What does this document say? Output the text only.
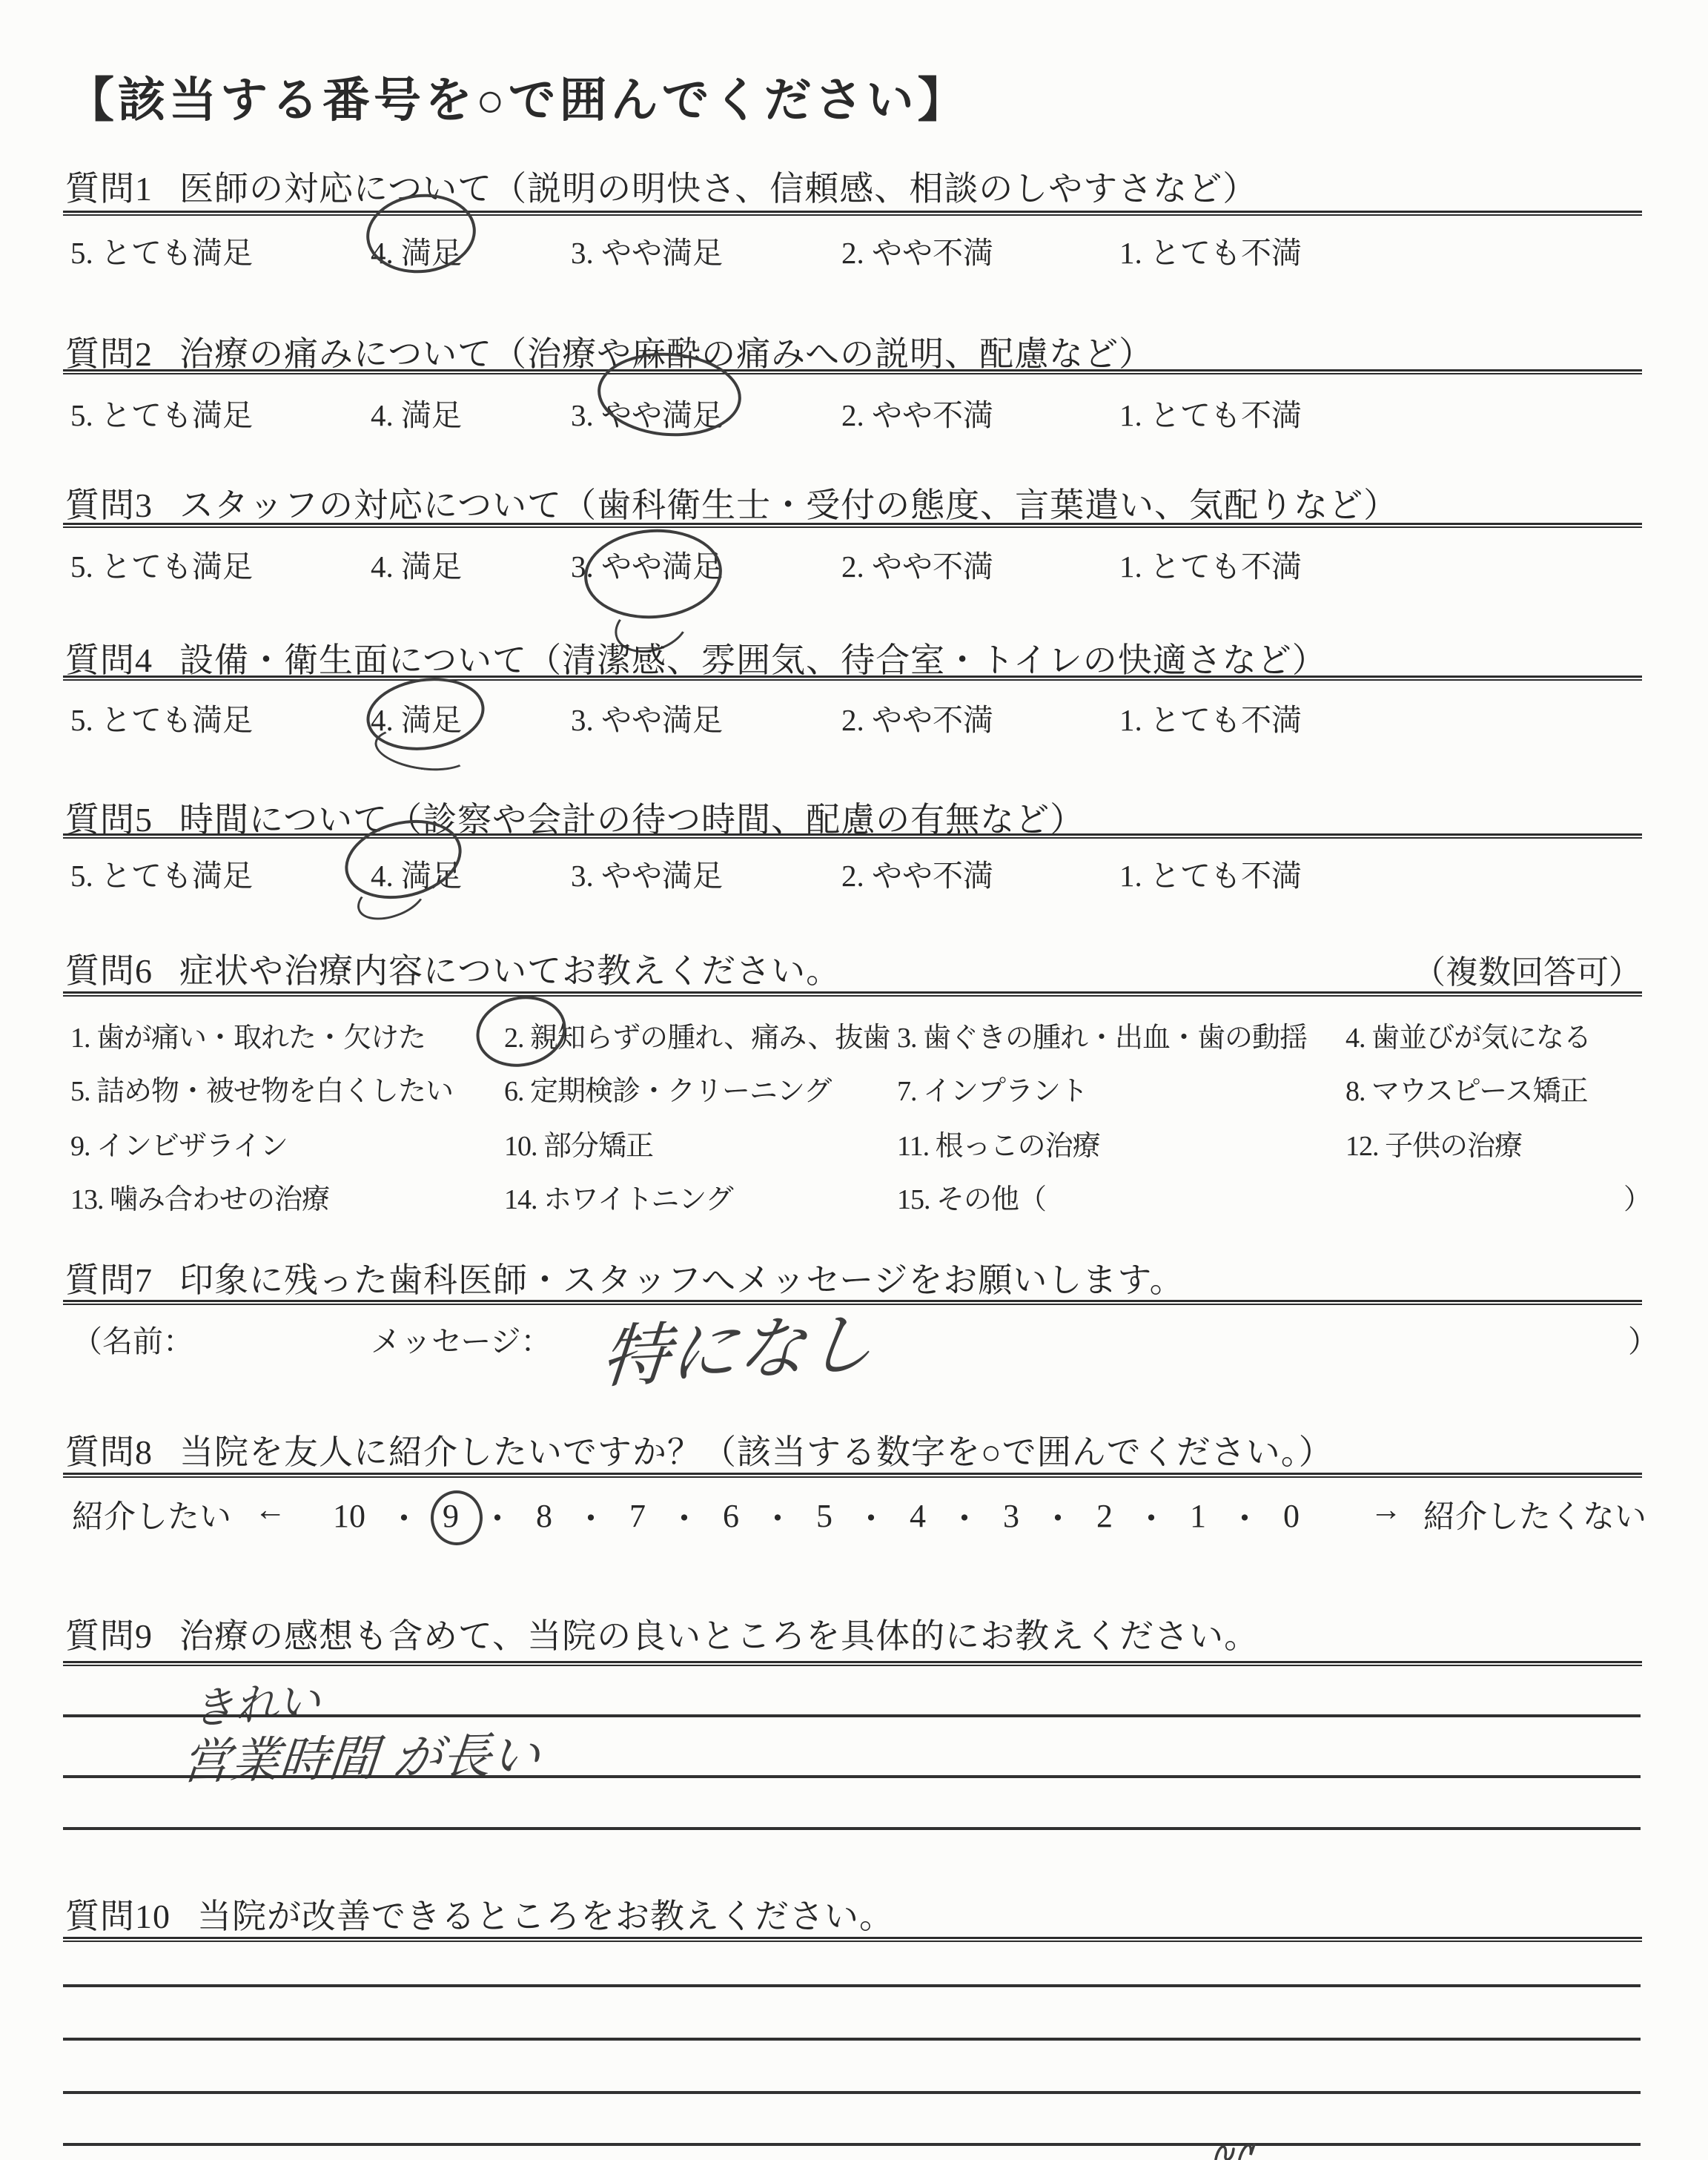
【該当する番号を○で囲んでください】
質問1 医師の対応について（説明の明快さ、信頼感、相談のしやすさなど）
5. とても満足	4. 満足	3. やや満足	2. やや不満	1. とても不満
質問2 治療の痛みについて（治療や麻酔の痛みへの説明、配慮など）
5. とても満足	4. 満足	3. やや満足	2. やや不満	1. とても不満
質問3 スタッフの対応について（歯科衛生士・受付の態度、言葉遣い、気配りなど）
5. とても満足	4. 満足	3. やや満足	2. やや不満	1. とても不満
質問4 設備・衛生面について（清潔感、雰囲気、待合室・トイレの快適さなど）
5. とても満足	4. 満足	3. やや満足	2. やや不満	1. とても不満
質問5 時間について（診察や会計の待つ時間、配慮の有無など）
5. とても満足	4. 満足	3. やや満足	2. やや不満	1. とても不満
質問6 症状や治療内容についてお教えください。	（複数回答可）
1. 歯が痛い・取れた・欠けた	2. 親知らずの腫れ、痛み、抜歯 3. 歯ぐきの腫れ・出血・歯の動揺 4. 歯並びが気になる
5. 詰め物・被せ物を白くしたい 6. 定期検診・クリーニング 7. インプラント	8. マウスピース矯正
9. インビザライン	10. 部分矯正	11. 根っこの治療	12. 子供の治療
13. 噛み合わせの治療	14. ホワイトニング	15. その他（	）
質問7 印象に残った歯科医師・スタッフへメッセージをお願いします。
（名前：	メッセージ： 特になし	）
質問8 当院を友人に紹介したいですか？（該当する数字を○で囲んでください。）
紹介したい ← 10 ・ 9 ・ 8 ・ 7 ・ 6 ・ 5 ・ 4 ・ 3 ・ 2 ・ 1 ・ 0 → 紹介したくない
質問9 治療の感想も含めて、当院の良いところを具体的にお教えください。
きれい
営業時間 が長い
質問10 当院が改善できるところをお教えください。
